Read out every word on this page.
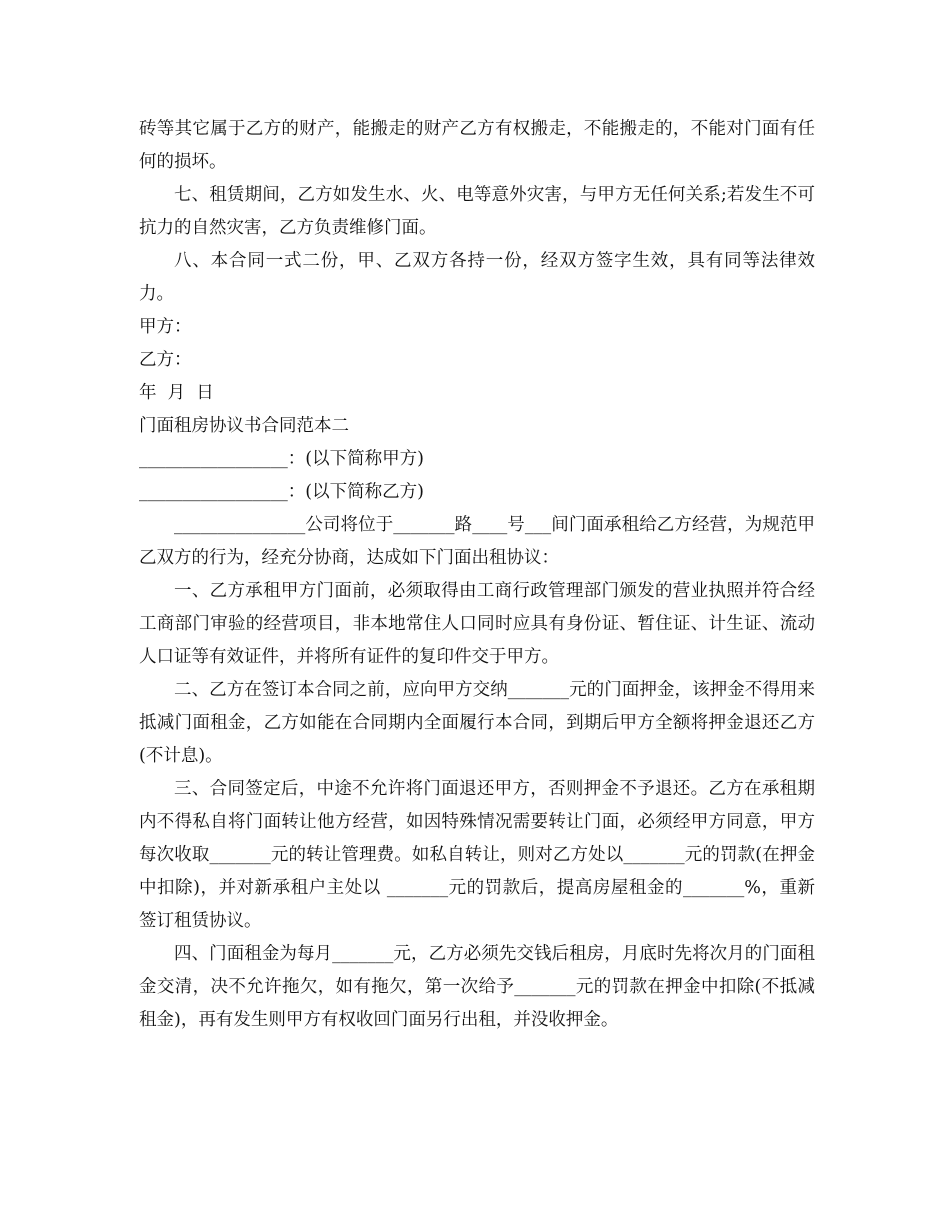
砖等其它属于乙方的财产，能搬走的财产乙方有权搬走，不能搬走的，不能对门面有任何的损坏。

七、租赁期间，乙方如发生水、火、电等意外灾害，与甲方无任何关系;若发生不可抗力的自然灾害，乙方负责维修门面。

八、本合同一式二份，甲、乙双方各持一份，经双方签字生效，具有同等法律效力。

甲方：

乙方：

年  月  日

门面租房协议书合同范本二

_________________：(以下简称甲方)

_________________：(以下简称乙方)

_______________公司将位于_______路____号___间门面承租给乙方经营，为规范甲乙双方的行为，经充分协商，达成如下门面出租协议：

一、乙方承租甲方门面前，必须取得由工商行政管理部门颁发的营业执照并符合经工商部门审验的经营项目，非本地常住人口同时应具有身份证、暂住证、计生证、流动人口证等有效证件，并将所有证件的复印件交于甲方。

二、乙方在签订本合同之前，应向甲方交纳_______元的门面押金，该押金不得用来抵减门面租金，乙方如能在合同期内全面履行本合同，到期后甲方全额将押金退还乙方(不计息)。

三、合同签定后，中途不允许将门面退还甲方，否则押金不予退还。乙方在承租期内不得私自将门面转让他方经营，如因特殊情况需要转让门面，必须经甲方同意，甲方每次收取_______元的转让管理费。如私自转让，则对乙方处以_______元的罚款(在押金中扣除)，并对新承租户主处以 _______元的罚款后，提高房屋租金的_______%，重新签订租赁协议。

四、门面租金为每月_______元，乙方必须先交钱后租房，月底时先将次月的门面租金交清，决不允许拖欠，如有拖欠，第一次给予_______元的罚款在押金中扣除(不抵减租金)，再有发生则甲方有权收回门面另行出租，并没收押金。
